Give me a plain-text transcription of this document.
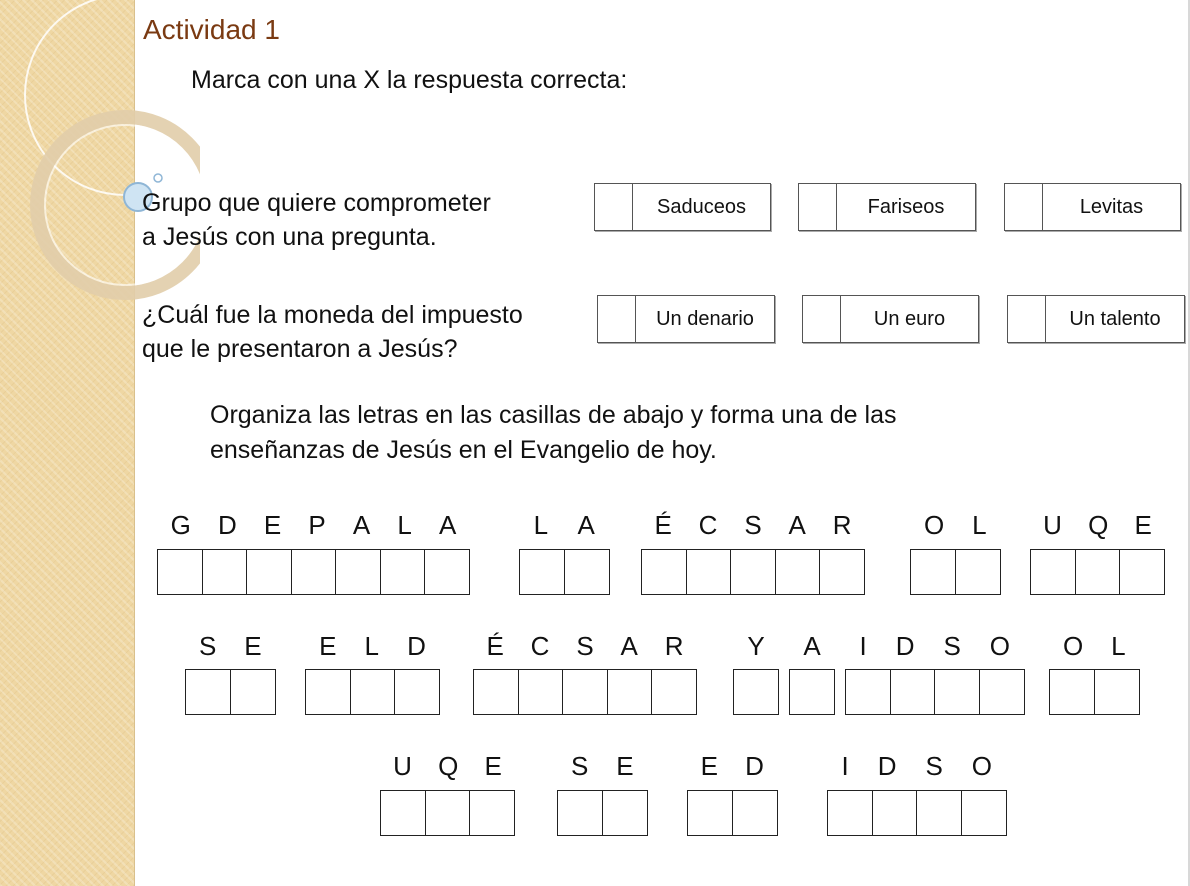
Actividad 1
Marca con una X la respuesta correcta:
Grupo que quiere comprometer
a Jesús con una pregunta.
Saduceos	Fariseos	Levitas
¿Cuál fue la moneda del impuesto
que le presentaron a Jesús?
Un denario	Un euro	Un talento
Organiza las letras en las casillas de abajo y forma una de las
enseñanzas de Jesús en el Evangelio de hoy.
G D E P A L A	L A É C S A R	O L U Q E
S E E L D É C S A R Y A I D S O O L
U Q E	S E	E D	I D S O
